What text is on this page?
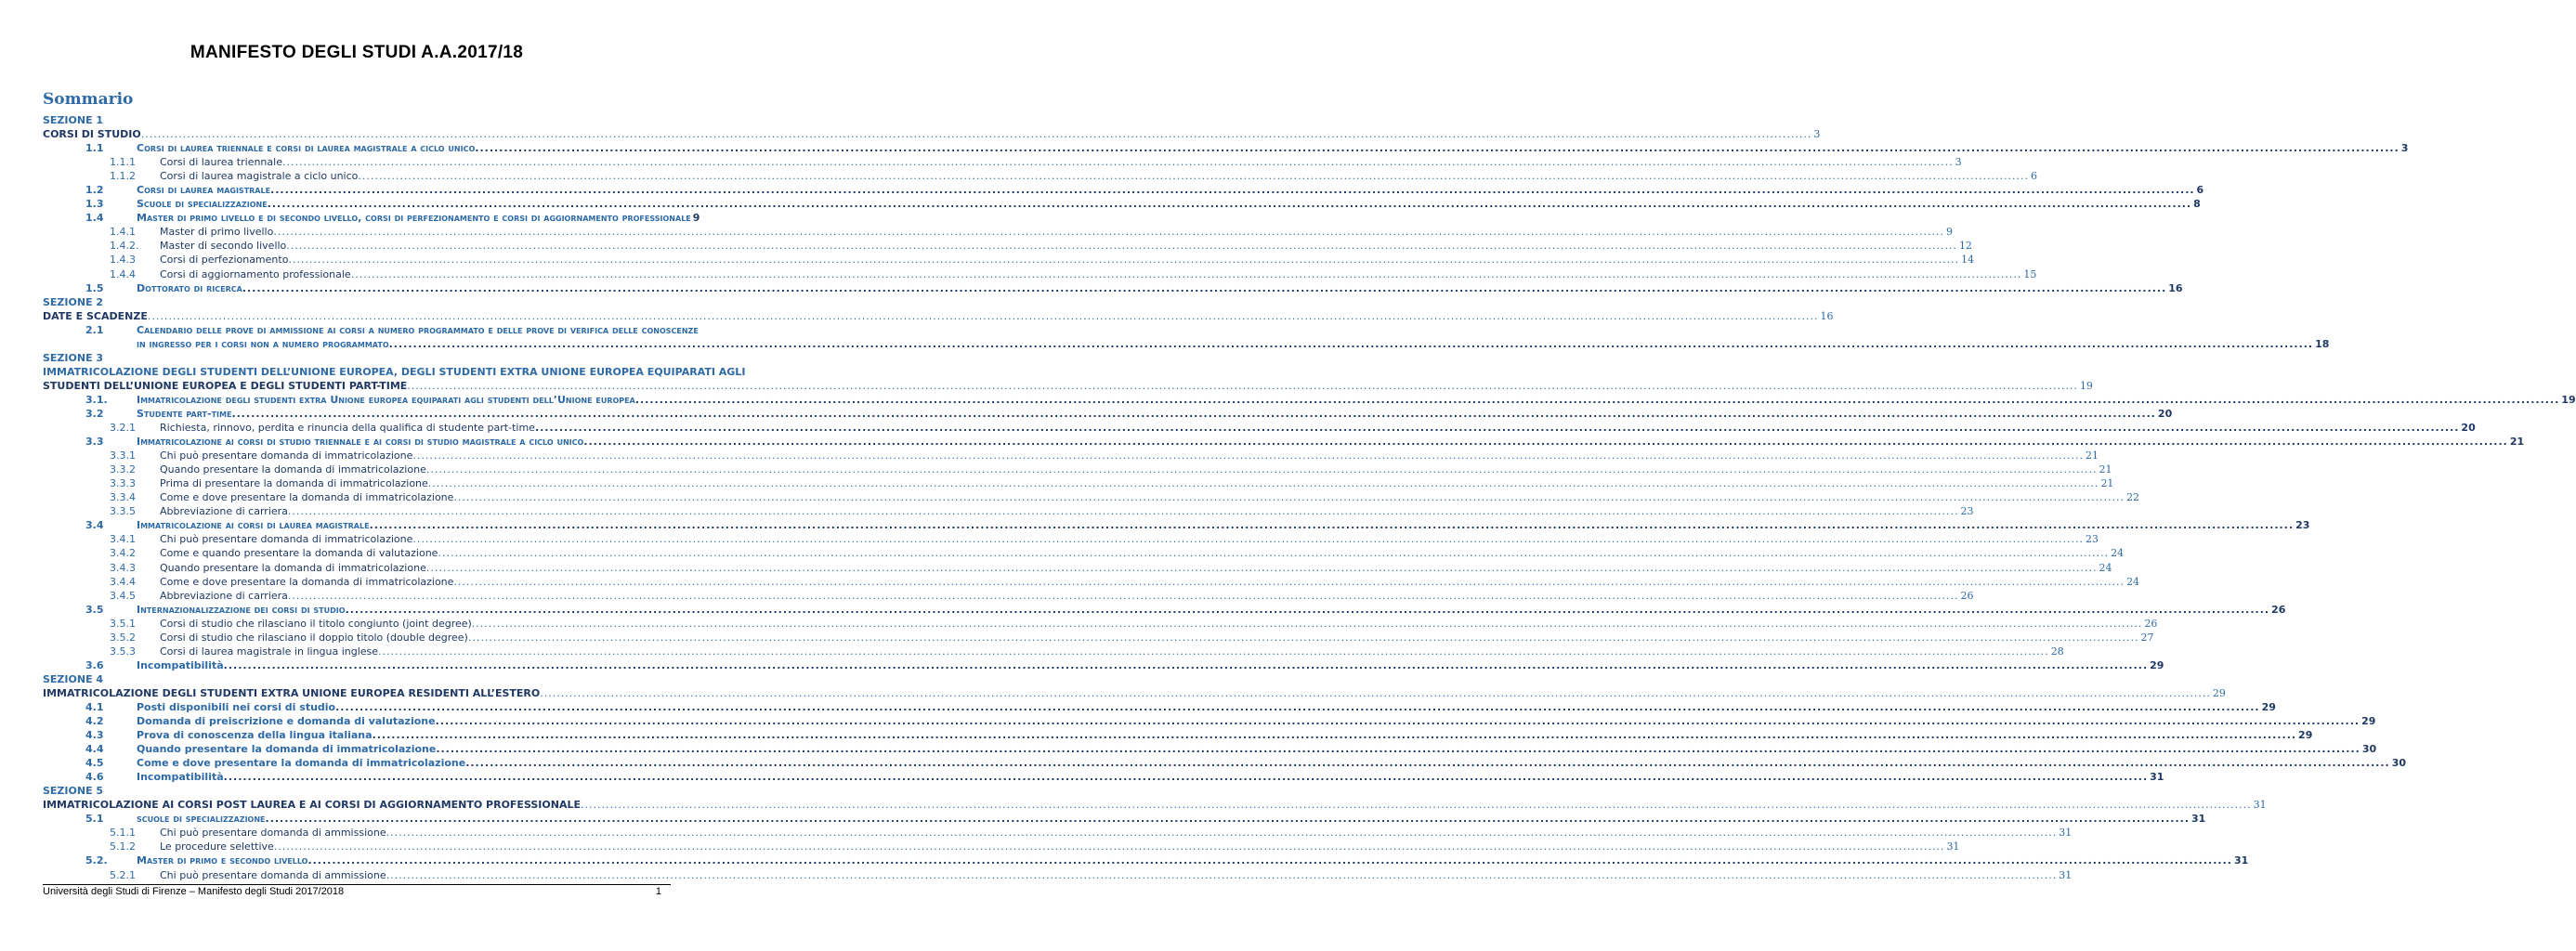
MANIFESTO DEGLI STUDI A.A.2017/18
Sommario
SEZIONE 1
CORSI DI STUDIO ................................................................................................................................................................................................................................................................................................................................................................................................................ 3
1.1	Corsi di laurea triennale e corsi di laurea magistrale a ciclo unico ................................................................................................................................................................................................................................................................................................................................................................................................................ 3
1.1.1 Corsi di laurea triennale ................................................................................................................................................................................................................................................................................................................................................................................................................ 3
1.1.2 Corsi di laurea magistrale a ciclo unico ................................................................................................................................................................................................................................................................................................................................................................................................................ 6
1.2	Corsi di laurea magistrale ................................................................................................................................................................................................................................................................................................................................................................................................................ 6
1.3	Scuole di specializzazione ................................................................................................................................................................................................................................................................................................................................................................................................................ 8
1.4	Master di primo livello e di secondo livello, corsi di perfezionamento e corsi di aggiornamento professionale 9
1.4.1 Master di primo livello ................................................................................................................................................................................................................................................................................................................................................................................................................ 9
1.4.2. Master di secondo livello ................................................................................................................................................................................................................................................................................................................................................................................................................ 12
1.4.3 Corsi di perfezionamento ................................................................................................................................................................................................................................................................................................................................................................................................................ 14
1.4.4 Corsi di aggiornamento professionale ................................................................................................................................................................................................................................................................................................................................................................................................................ 15
1.5	Dottorato di ricerca ................................................................................................................................................................................................................................................................................................................................................................................................................ 16
SEZIONE 2
DATE E SCADENZE ................................................................................................................................................................................................................................................................................................................................................................................................................ 16
2.1	Calendario delle prove di ammissione ai corsi a numero programmato e delle prove di verifica delle conoscenze
in ingresso per i corsi non a numero programmato ................................................................................................................................................................................................................................................................................................................................................................................................................ 18
SEZIONE 3
IMMATRICOLAZIONE DEGLI STUDENTI DELL’UNIONE EUROPEA, DEGLI STUDENTI EXTRA UNIONE EUROPEA EQUIPARATI AGLI
STUDENTI DELL’UNIONE EUROPEA E DEGLI STUDENTI PART-TIME ................................................................................................................................................................................................................................................................................................................................................................................................................ 19
3.1.	Immatricolazione degli studenti extra Unione europea equiparati agli studenti dell’Unione europea ................................................................................................................................................................................................................................................................................................................................................................................................................ 19
3.2	Studente part-time ................................................................................................................................................................................................................................................................................................................................................................................................................ 20
3.2.1 Richiesta, rinnovo, perdita e rinuncia della qualifica di studente part-time ................................................................................................................................................................................................................................................................................................................................................................................................................ 20
3.3	Immatricolazione ai corsi di studio triennale e ai corsi di studio magistrale a ciclo unico ................................................................................................................................................................................................................................................................................................................................................................................................................ 21
3.3.1 Chi può presentare domanda di immatricolazione ................................................................................................................................................................................................................................................................................................................................................................................................................ 21
3.3.2 Quando presentare la domanda di immatricolazione ................................................................................................................................................................................................................................................................................................................................................................................................................ 21
3.3.3 Prima di presentare la domanda di immatricolazione ................................................................................................................................................................................................................................................................................................................................................................................................................ 21
3.3.4 Come e dove presentare la domanda di immatricolazione ................................................................................................................................................................................................................................................................................................................................................................................................................ 22
3.3.5 Abbreviazione di carriera ................................................................................................................................................................................................................................................................................................................................................................................................................ 23
3.4	Immatricolazione ai corsi di laurea magistrale ................................................................................................................................................................................................................................................................................................................................................................................................................ 23
3.4.1 Chi può presentare domanda di immatricolazione ................................................................................................................................................................................................................................................................................................................................................................................................................ 23
3.4.2 Come e quando presentare la domanda di valutazione ................................................................................................................................................................................................................................................................................................................................................................................................................ 24
3.4.3 Quando presentare la domanda di immatricolazione ................................................................................................................................................................................................................................................................................................................................................................................................................ 24
3.4.4 Come e dove presentare la domanda di immatricolazione ................................................................................................................................................................................................................................................................................................................................................................................................................ 24
3.4.5 Abbreviazione di carriera ................................................................................................................................................................................................................................................................................................................................................................................................................ 26
3.5	Internazionalizzazione dei corsi di studio ................................................................................................................................................................................................................................................................................................................................................................................................................ 26
3.5.1 Corsi di studio che rilasciano il titolo congiunto (joint degree) ................................................................................................................................................................................................................................................................................................................................................................................................................ 26
3.5.2 Corsi di studio che rilasciano il doppio titolo (double degree) ................................................................................................................................................................................................................................................................................................................................................................................................................ 27
3.5.3 Corsi di laurea magistrale in lingua inglese ................................................................................................................................................................................................................................................................................................................................................................................................................ 28
3.6	Incompatibilità ................................................................................................................................................................................................................................................................................................................................................................................................................ 29
SEZIONE 4
IMMATRICOLAZIONE DEGLI STUDENTI EXTRA UNIONE EUROPEA RESIDENTI ALL’ESTERO ................................................................................................................................................................................................................................................................................................................................................................................................................ 29
4.1	Posti disponibili nei corsi di studio ................................................................................................................................................................................................................................................................................................................................................................................................................ 29
4.2	Domanda di preiscrizione e domanda di valutazione ................................................................................................................................................................................................................................................................................................................................................................................................................ 29
4.3	Prova di conoscenza della lingua italiana ................................................................................................................................................................................................................................................................................................................................................................................................................ 29
4.4	Quando presentare la domanda di immatricolazione ................................................................................................................................................................................................................................................................................................................................................................................................................ 30
4.5	Come e dove presentare la domanda di immatricolazione ................................................................................................................................................................................................................................................................................................................................................................................................................ 30
4.6	Incompatibilità ................................................................................................................................................................................................................................................................................................................................................................................................................ 31
SEZIONE 5
IMMATRICOLAZIONE AI CORSI POST LAUREA E AI CORSI DI AGGIORNAMENTO PROFESSIONALE ................................................................................................................................................................................................................................................................................................................................................................................................................ 31
5.1	scuole di specializzazione ................................................................................................................................................................................................................................................................................................................................................................................................................ 31
5.1.1 Chi può presentare domanda di ammissione ................................................................................................................................................................................................................................................................................................................................................................................................................ 31
5.1.2 Le procedure selettive ................................................................................................................................................................................................................................................................................................................................................................................................................ 31
5.2.	Master di primo e secondo livello ................................................................................................................................................................................................................................................................................................................................................................................................................ 31
5.2.1 Chi può presentare domanda di ammissione ................................................................................................................................................................................................................................................................................................................................................................................................................ 31
Università degli Studi di Firenze – Manifesto degli Studi 2017/2018	1
